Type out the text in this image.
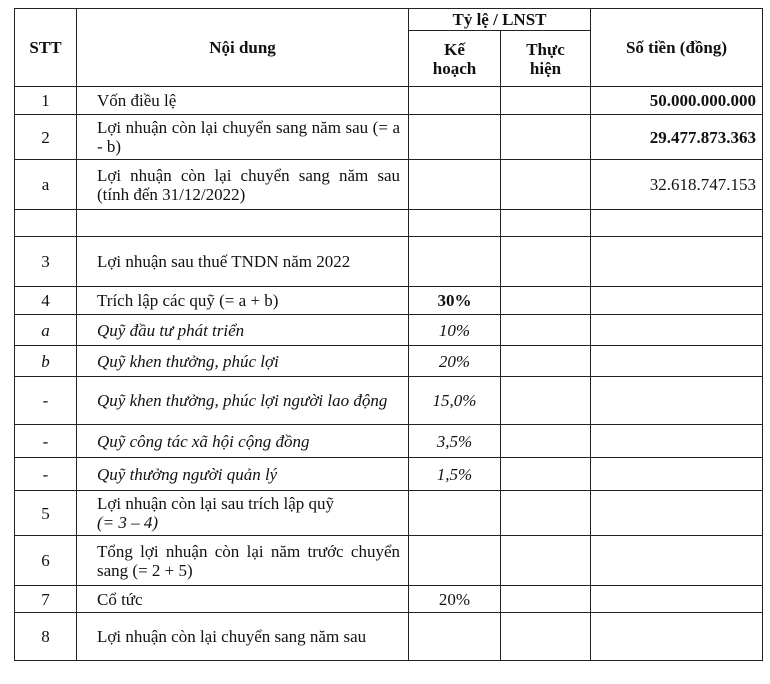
STT	Nội dung	Tỷ lệ / LNST		Số tiền (đồng)
		Kế hoạch	Thực hiện	
1	Vốn điều lệ			50.000.000.000
2	Lợi nhuận còn lại chuyển sang năm sau (= a - b)			29.477.873.363
a	Lợi nhuận còn lại chuyển sang năm sau (tính đến 31/12/2022)			32.618.747.153

3	Lợi nhuận sau thuế TNDN năm 2022			
4	Trích lập các quỹ (= a + b)	30%		
a	Quỹ đầu tư phát triển	10%		
b	Quỹ khen thưởng, phúc lợi	20%		
-	Quỹ khen thưởng, phúc lợi người lao động	15,0%		
-	Quỹ công tác xã hội cộng đồng	3,5%		
-	Quỹ thưởng người quản lý	1,5%		
5	Lợi nhuận còn lại sau trích lập quỹ
(= 3 – 4)			
6	Tổng lợi nhuận còn lại năm trước chuyển sang (= 2 + 5)			
7	Cổ tức	20%		
8	Lợi nhuận còn lại chuyển sang năm sau			
